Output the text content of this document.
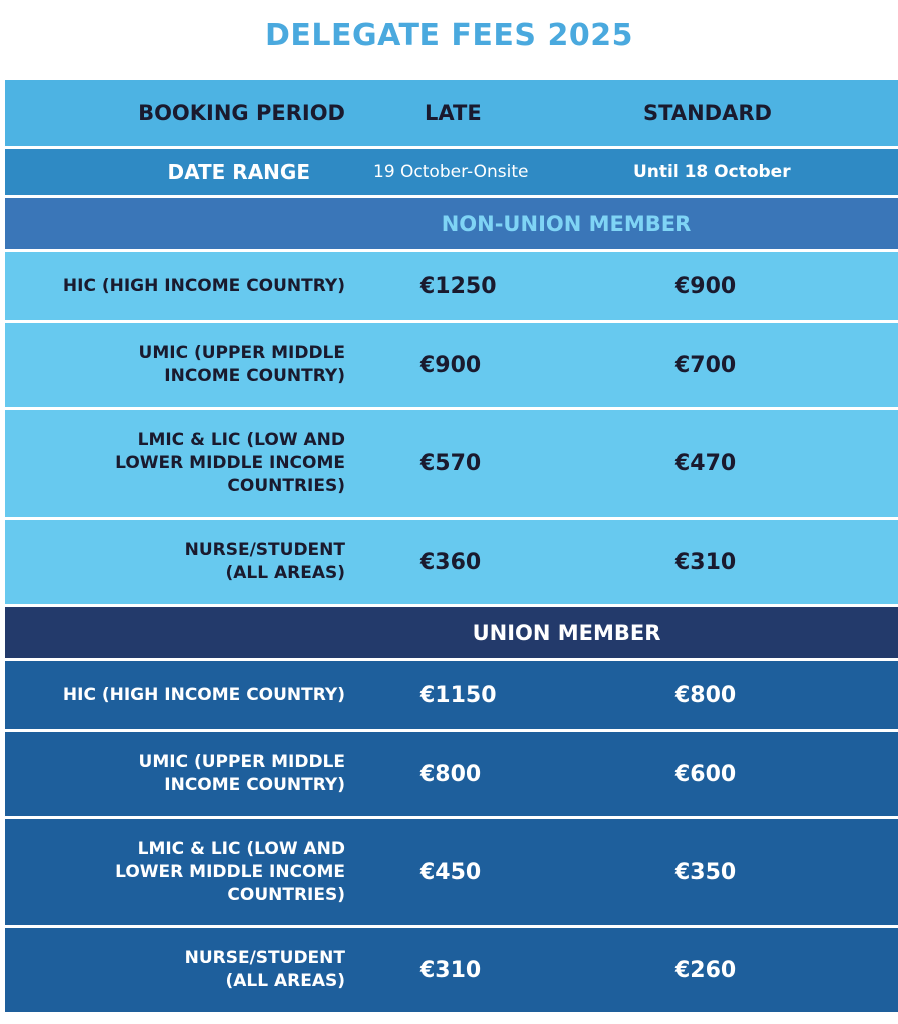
DELEGATE FEES 2025
BOOKING PERIOD	LATE	STANDARD
DATE RANGE	19 October-Onsite	Until 18 October
NON-UNION MEMBER
HIC (HIGH INCOME COUNTRY)	€1250	€900
UMIC (UPPER MIDDLE
INCOME COUNTRY)	€900	€700
LMIC & LIC (LOW AND
LOWER MIDDLE INCOME
COUNTRIES)
€570	€470
NURSE/STUDENT
(ALL AREAS)	€360	€310
UNION MEMBER
HIC (HIGH INCOME COUNTRY)	€1150	€800
UMIC (UPPER MIDDLE
INCOME COUNTRY)	€800	€600
LMIC & LIC (LOW AND
LOWER MIDDLE INCOME
COUNTRIES)
€450	€350
NURSE/STUDENT
(ALL AREAS)	€310	€260
